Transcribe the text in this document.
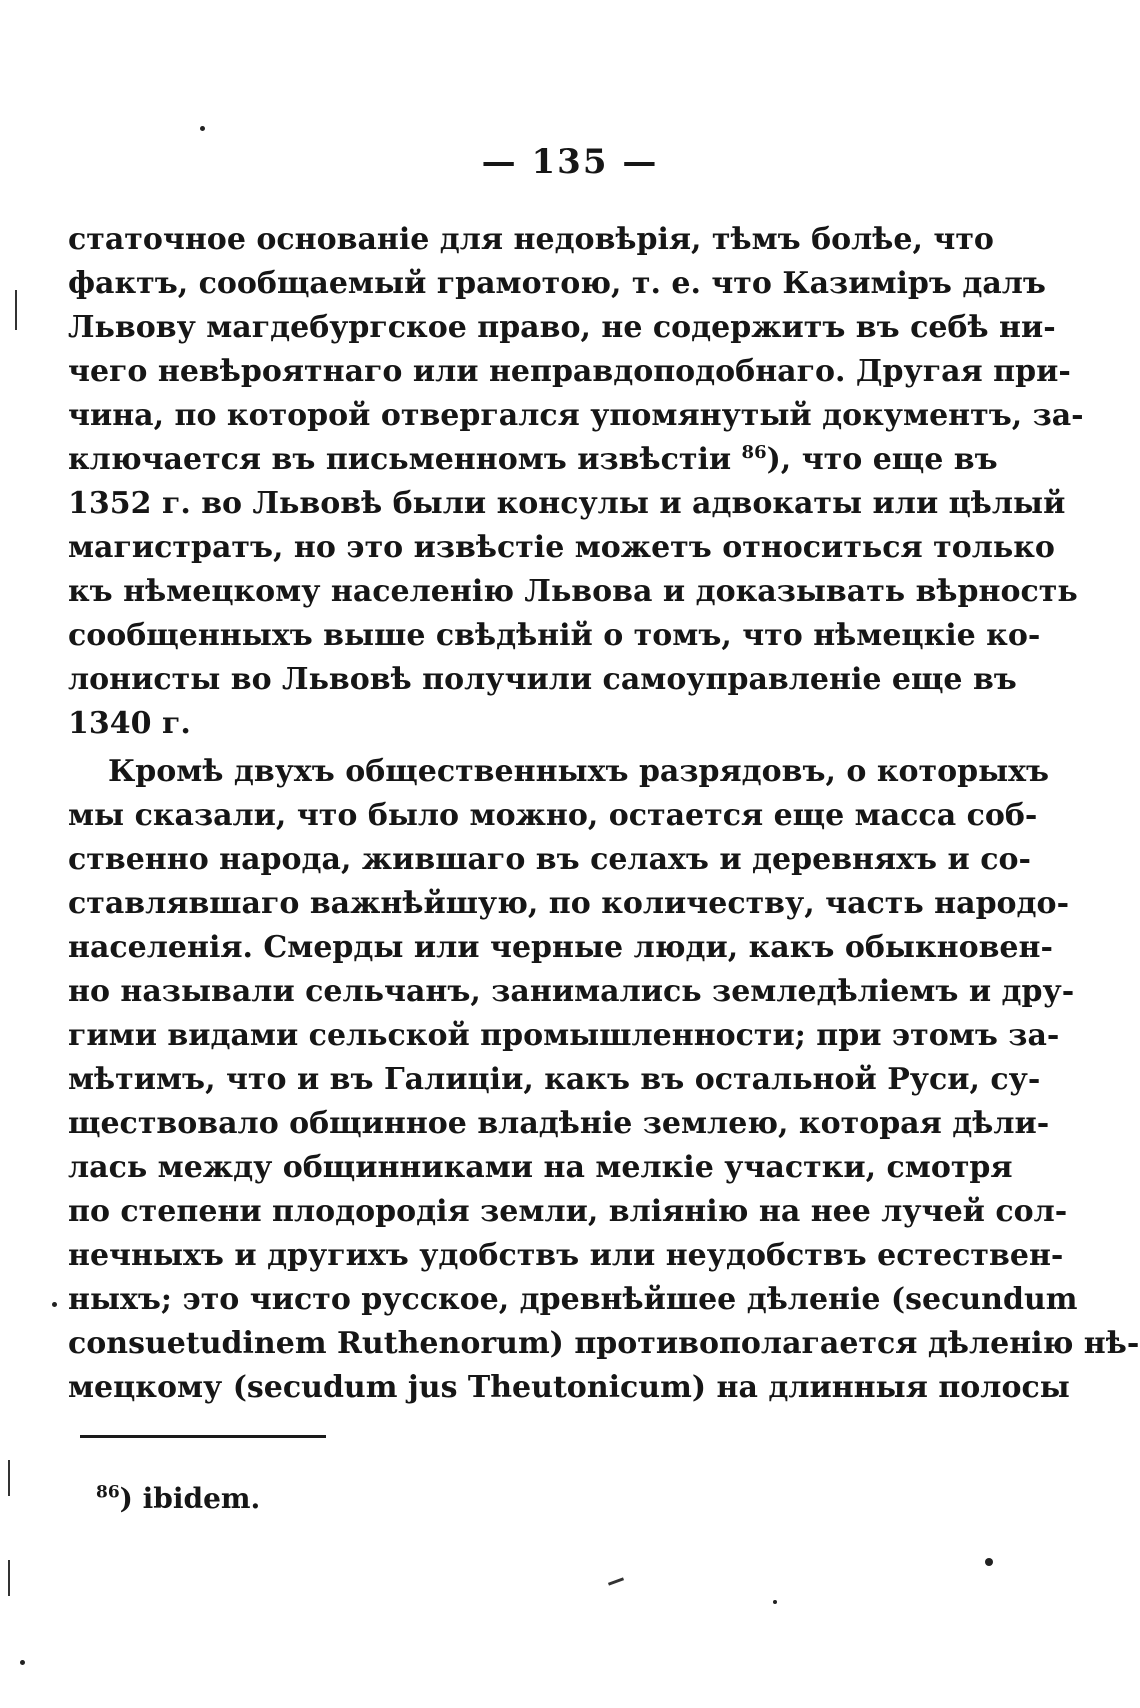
— 135 —
статочное основаніе для недовѣрія, тѣмъ болѣе, что
фактъ, сообщаемый грамотою, т. е. что Казиміръ далъ
Львову магдебургское право, не содержитъ въ себѣ ни-
чего невѣроятнаго или неправдоподобнаго. Другая при-
чина, по которой отвергался упомянутый документъ, за-
ключается въ письменномъ извѣстіи $^{86}$), что еще въ
1352 г. во Львовѣ были консулы и адвокаты или цѣлый
магистратъ, но это извѣстіе можетъ относиться только
къ нѣмецкому населенію Львова и доказывать вѣрность
сообщенныхъ выше свѣдѣній о томъ, что нѣмецкіе ко-
лонисты во Львовѣ получили самоуправленіе еще въ
1340 г.
Кромѣ двухъ общественныхъ разрядовъ, о которыхъ
мы сказали, что было можно, остается еще масса соб-
ственно народа, жившаго въ селахъ и деревняхъ и со-
ставлявшаго важнѣйшую, по количеству, часть народо-
населенія. Смерды или черные люди, какъ обыкновен-
но называли сельчанъ, занимались земледѣліемъ и дру-
гими видами сельской промышленности; при этомъ за-
мѣтимъ, что и въ Галиціи, какъ въ остальной Руси, су-
ществовало общинное владѣніе землею, которая дѣли-
лась между общинниками на мелкіе участки, смотря
по степени плодородія земли, вліянію на нее лучей сол-
нечныхъ и другихъ удобствъ или неудобствъ естествен-
ныхъ; это чисто русское, древнѣйшее дѣленіе (secundum
consuetudinem Ruthenorum) противополагается дѣленію нѣ-
мецкому (secudum jus Theutonicum) на длинныя полосы
$^{86}$) ibidem.
